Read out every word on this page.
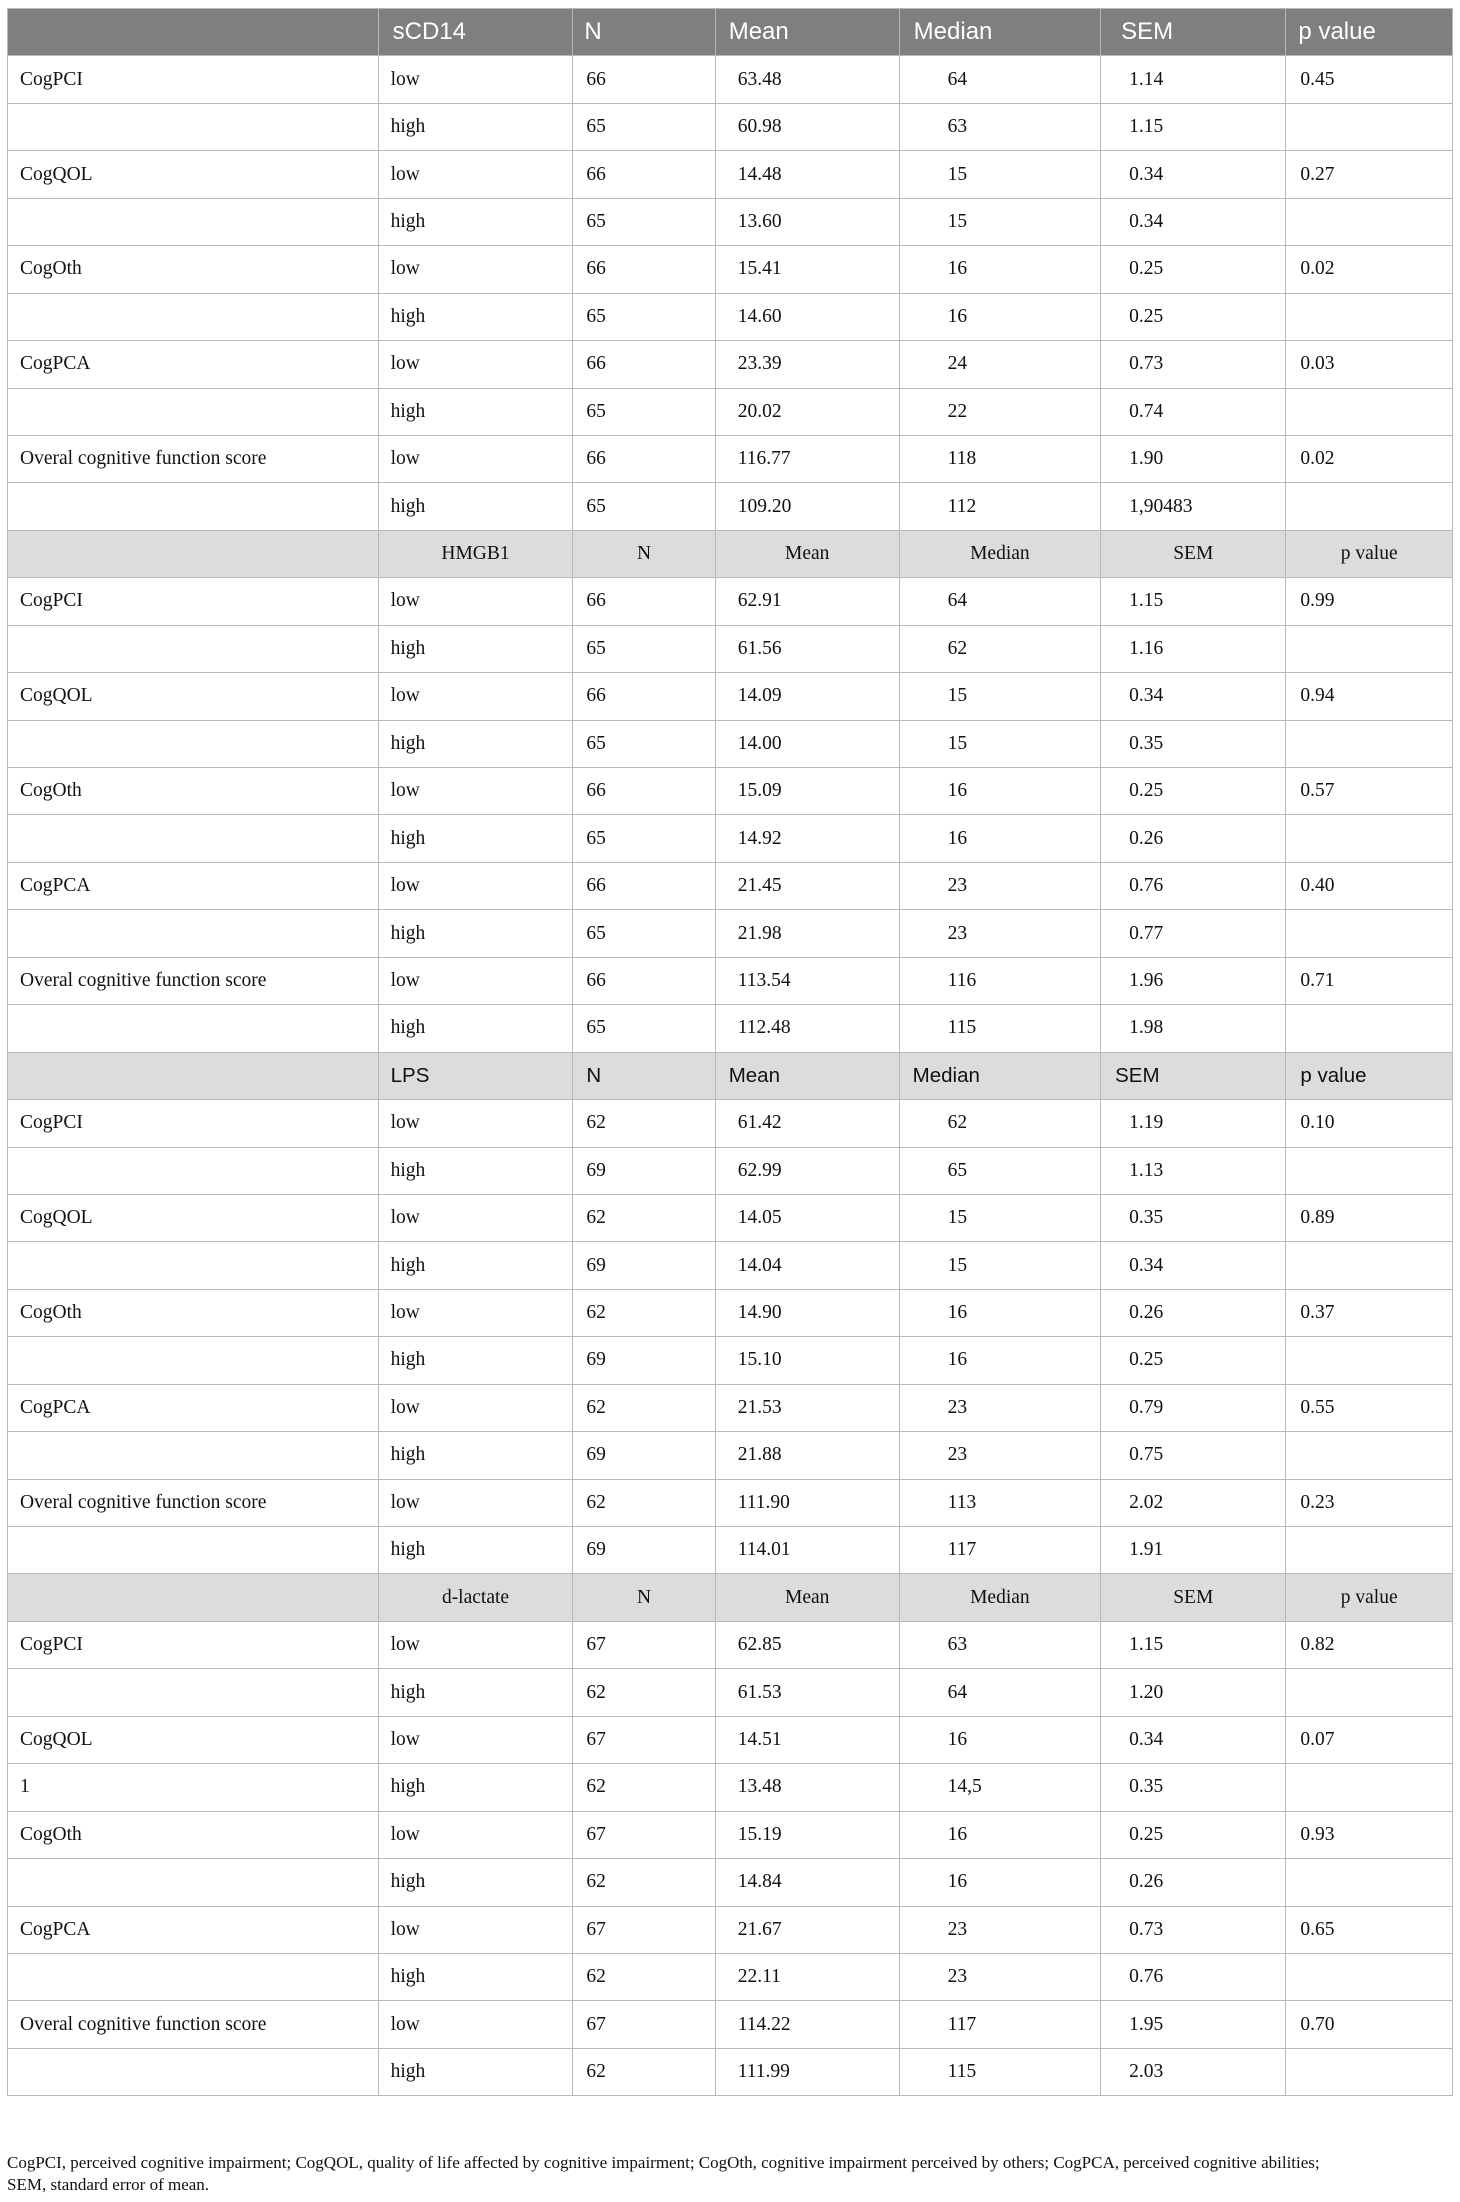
	sCD14	N	Mean	Median	SEM	p value
CogPCI	low	66	63.48	64	1.14	0.45
	high	65	60.98	63	1.15	
CogQOL	low	66	14.48	15	0.34	0.27
	high	65	13.60	15	0.34	
CogOth	low	66	15.41	16	0.25	0.02
	high	65	14.60	16	0.25	
CogPCA	low	66	23.39	24	0.73	0.03
	high	65	20.02	22	0.74	
Overal cognitive function score	low	66	116.77	118	1.90	0.02
	high	65	109.20	112	1,90483	
	HMGB1	N	Mean	Median	SEM	p value
CogPCI	low	66	62.91	64	1.15	0.99
	high	65	61.56	62	1.16	
CogQOL	low	66	14.09	15	0.34	0.94
	high	65	14.00	15	0.35	
CogOth	low	66	15.09	16	0.25	0.57
	high	65	14.92	16	0.26	
CogPCA	low	66	21.45	23	0.76	0.40
	high	65	21.98	23	0.77	
Overal cognitive function score	low	66	113.54	116	1.96	0.71
	high	65	112.48	115	1.98	
	LPS	N	Mean	Median	SEM	p value
CogPCI	low	62	61.42	62	1.19	0.10
	high	69	62.99	65	1.13	
CogQOL	low	62	14.05	15	0.35	0.89
	high	69	14.04	15	0.34	
CogOth	low	62	14.90	16	0.26	0.37
	high	69	15.10	16	0.25	
CogPCA	low	62	21.53	23	0.79	0.55
	high	69	21.88	23	0.75	
Overal cognitive function score	low	62	111.90	113	2.02	0.23
	high	69	114.01	117	1.91	
	d-lactate	N	Mean	Median	SEM	p value
CogPCI	low	67	62.85	63	1.15	0.82
	high	62	61.53	64	1.20	
CogQOL	low	67	14.51	16	0.34	0.07
1	high	62	13.48	14,5	0.35	
CogOth	low	67	15.19	16	0.25	0.93
	high	62	14.84	16	0.26	
CogPCA	low	67	21.67	23	0.73	0.65
	high	62	22.11	23	0.76	
Overal cognitive function score	low	67	114.22	117	1.95	0.70
	high	62	111.99	115	2.03	
CogPCI, perceived cognitive impairment; CogQOL, quality of life affected by cognitive impairment; CogOth, cognitive impairment perceived by others; CogPCA, perceived cognitive abilities;
SEM, standard error of mean.
